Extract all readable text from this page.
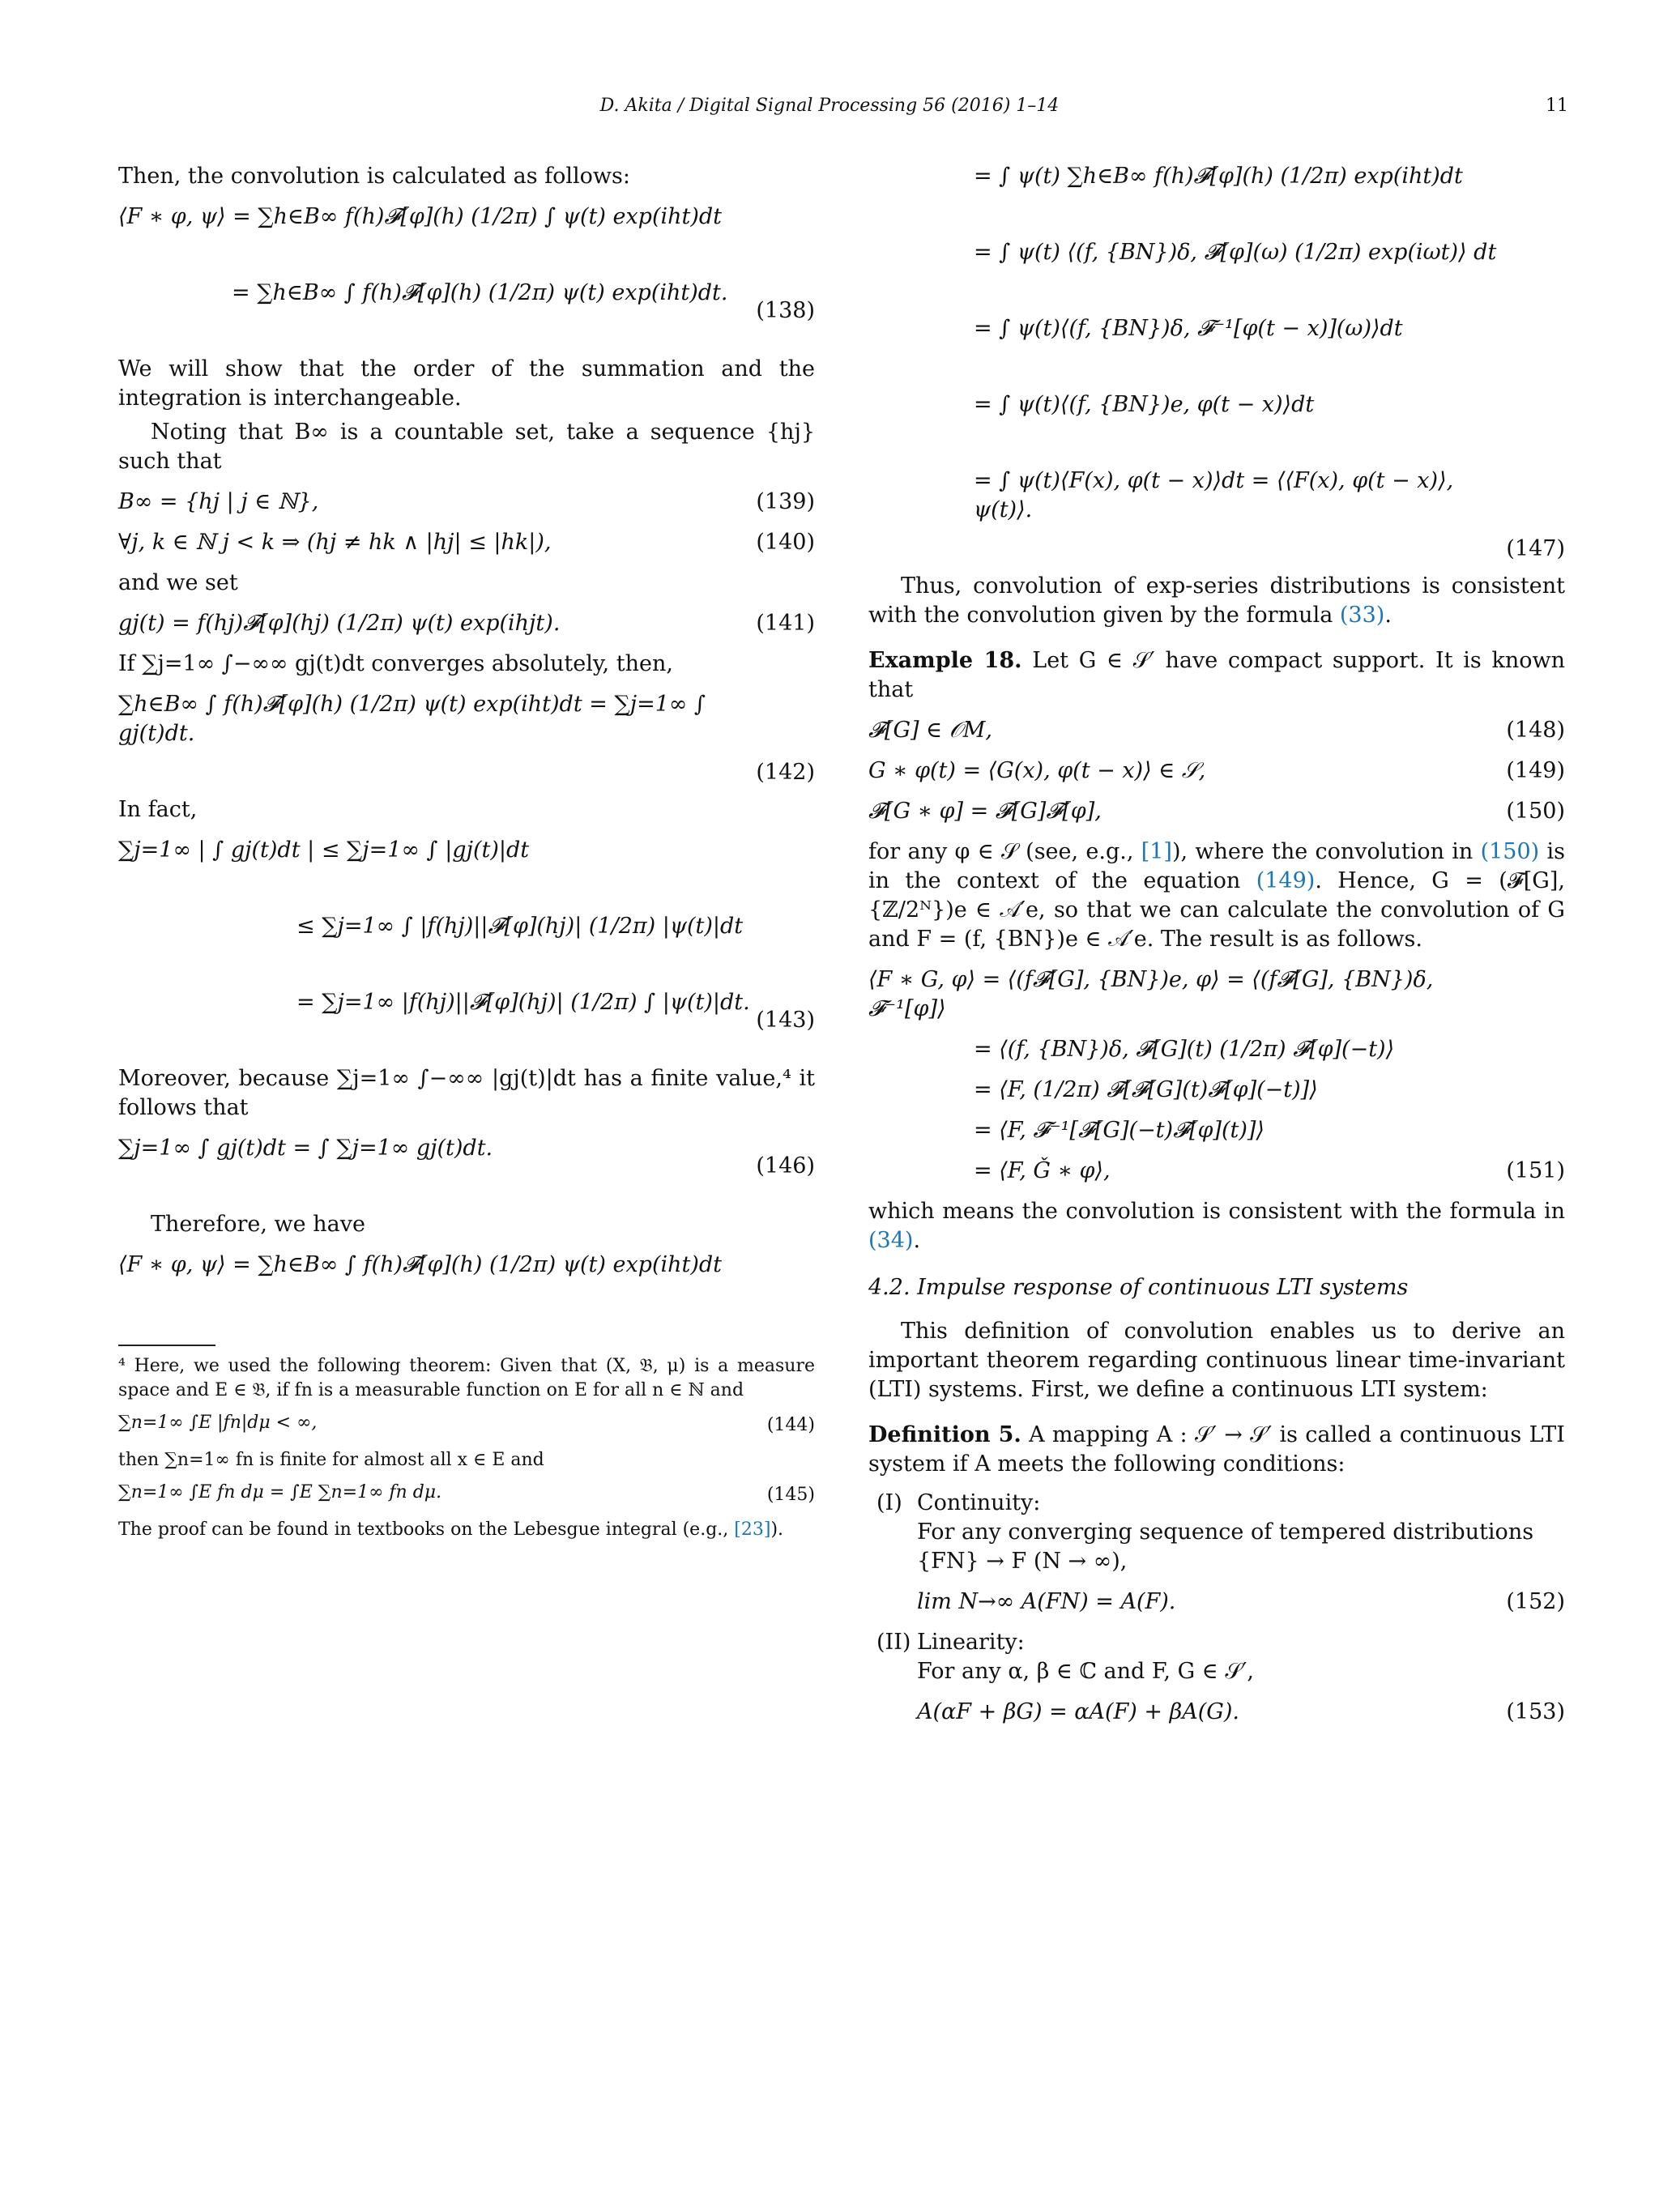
D. Akita / Digital Signal Processing 56 (2016) 1–14	11

Then, the convolution is calculated as follows:

⟨F ∗ φ, ψ⟩ = ∑h∈B∞ f(h)𝓕[φ](h) (1/2π) ∫ ψ(t) exp(iht)dt
= ∑h∈B∞ ∫ f(h)𝓕[φ](h) (1/2π) ψ(t) exp(iht)dt.
(138)

We will show that the order of the summation and the integration is interchangeable.

Noting that B∞ is a countable set, take a sequence {hj} such that

B∞ = {hj | j ∈ ℕ},	(139)
∀j, k ∈ ℕ j < k ⇒ (hj ≠ hk ∧ |hj| ≤ |hk|),	(140)

and we set

gj(t) = f(hj)𝓕[φ](hj) (1/2π) ψ(t) exp(ihjt).	(141)

If ∑j=1∞ ∫−∞∞ gj(t)dt converges absolutely, then,

∑h∈B∞ ∫ f(h)𝓕[φ](h) (1/2π) ψ(t) exp(iht)dt = ∑j=1∞ ∫ gj(t)dt.
(142)

In fact,

∑j=1∞ | ∫ gj(t)dt | ≤ ∑j=1∞ ∫ |gj(t)|dt
≤ ∑j=1∞ ∫ |f(hj)||𝓕[φ](hj)| (1/2π) |ψ(t)|dt
= ∑j=1∞ |f(hj)||𝓕[φ](hj)| (1/2π) ∫ |ψ(t)|dt.
(143)

Moreover, because ∑j=1∞ ∫−∞∞ |gj(t)|dt has a finite value,⁴ it follows that

∑j=1∞ ∫ gj(t)dt = ∫ ∑j=1∞ gj(t)dt.
(146)

Therefore, we have

⟨F ∗ φ, ψ⟩ = ∑h∈B∞ ∫ f(h)𝓕[φ](h) (1/2π) ψ(t) exp(iht)dt

⁴ Here, we used the following theorem: Given that (X, 𝔅, μ) is a measure space and E ∈ 𝔅, if fn is a measurable function on E for all n ∈ ℕ and

∑n=1∞ ∫E |fn|dμ < ∞,	(144)

then ∑n=1∞ fn is finite for almost all x ∈ E and

∑n=1∞ ∫E fn dμ = ∫E ∑n=1∞ fn dμ.	(145)

The proof can be found in textbooks on the Lebesgue integral (e.g., [23]).

= ∫ ψ(t) ∑h∈B∞ f(h)𝓕[φ](h) (1/2π) exp(iht)dt
= ∫ ψ(t) ⟨(f, {BN})δ, 𝓕[φ](ω) (1/2π) exp(iωt)⟩ dt
= ∫ ψ(t)⟨(f, {BN})δ, 𝓕⁻¹[φ(t − x)](ω)⟩dt
= ∫ ψ(t)⟨(f, {BN})e, φ(t − x)⟩dt
= ∫ ψ(t)⟨F(x), φ(t − x)⟩dt = ⟨⟨F(x), φ(t − x)⟩, ψ(t)⟩.
(147)

Thus, convolution of exp-series distributions is consistent with the convolution given by the formula (33).

Example 18. Let G ∈ 𝒮′ have compact support. It is known that

𝓕[G] ∈ 𝒪M,	(148)
G ∗ φ(t) = ⟨G(x), φ(t − x)⟩ ∈ 𝒮,	(149)
𝓕[G ∗ φ] = 𝓕[G]𝓕[φ],	(150)

for any φ ∈ 𝒮 (see, e.g., [1]), where the convolution in (150) is in the context of the equation (149). Hence, G = (𝓕[G], {ℤ/2ᴺ})e ∈ 𝒜′e, so that we can calculate the convolution of G and F = (f, {BN})e ∈ 𝒜′e. The result is as follows.

⟨F ∗ G, φ⟩ = ⟨(f𝓕[G], {BN})e, φ⟩ = ⟨(f𝓕[G], {BN})δ, 𝓕⁻¹[φ]⟩
= ⟨(f, {BN})δ, 𝓕[G](t) (1/2π) 𝓕[φ](−t)⟩
= ⟨F, (1/2π) 𝓕[𝓕[G](t)𝓕[φ](−t)]⟩
= ⟨F, 𝓕⁻¹[𝓕[G](−t)𝓕[φ](t)]⟩
= ⟨F, Ǧ ∗ φ⟩,	(151)

which means the convolution is consistent with the formula in (34).

4.2. Impulse response of continuous LTI systems

This definition of convolution enables us to derive an important theorem regarding continuous linear time-invariant (LTI) systems. First, we define a continuous LTI system:

Definition 5. A mapping A : 𝒮′ → 𝒮′ is called a continuous LTI system if A meets the following conditions:

(I) Continuity:
For any converging sequence of tempered distributions {FN} → F (N → ∞),
lim N→∞ A(FN) = A(F).	(152)
(II) Linearity:
For any α, β ∈ ℂ and F, G ∈ 𝒮′,
A(αF + βG) = αA(F) + βA(G).	(153)
